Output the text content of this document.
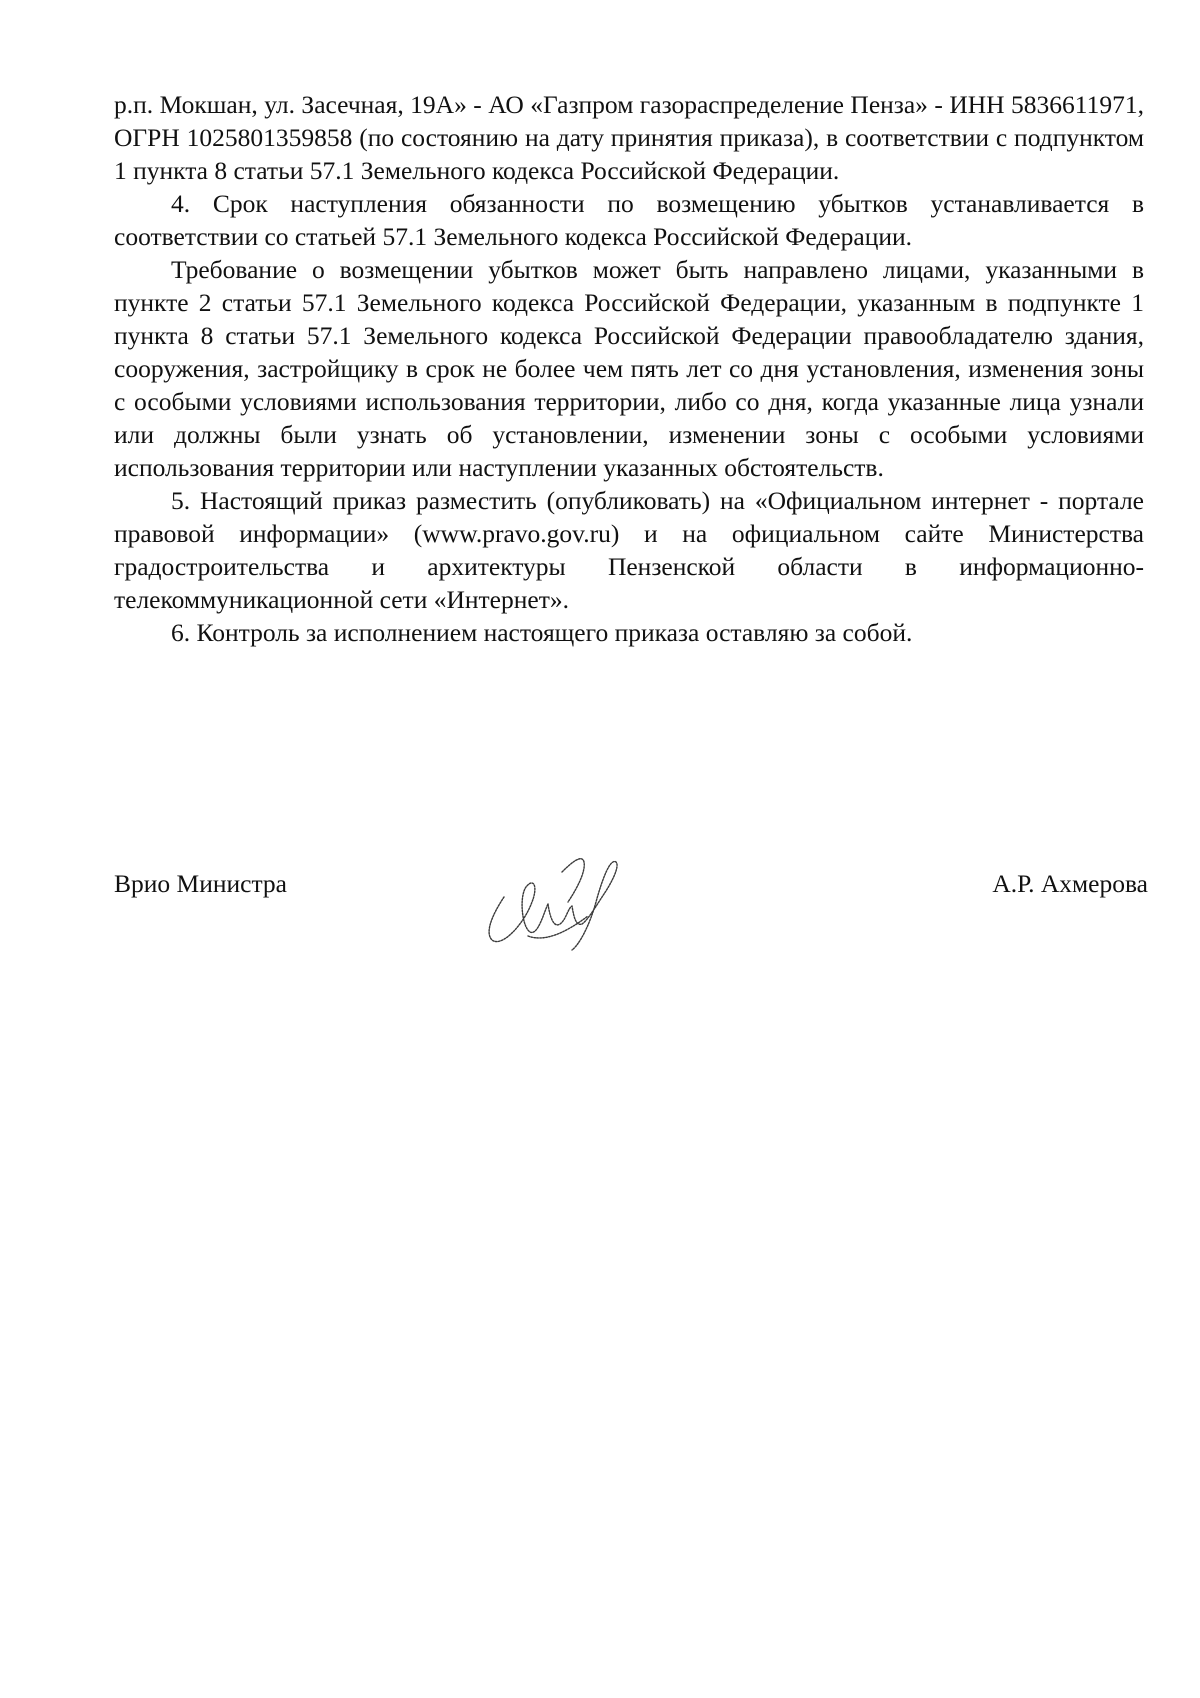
р.п. Мокшан, ул. Засечная, 19А» - АО «Газпром газораспределение Пенза» - ИНН 5836611971, ОГРН 1025801359858 (по состоянию на дату принятия приказа), в соответствии с подпунктом 1 пункта 8 статьи 57.1 Земельного кодекса Российской Федерации.

4. Срок наступления обязанности по возмещению убытков устанавливается в соответствии со статьей 57.1 Земельного кодекса Российской Федерации.

Требование о возмещении убытков может быть направлено лицами, указанными в пункте 2 статьи 57.1 Земельного кодекса Российской Федерации, указанным в подпункте 1 пункта 8 статьи 57.1 Земельного кодекса Российской Федерации правообладателю здания, сооружения, застройщику в срок не более чем пять лет со дня установления, изменения зоны с особыми условиями использования территории, либо со дня, когда указанные лица узнали или должны были узнать об установлении, изменении зоны с особыми условиями использования территории или наступлении указанных обстоятельств.

5. Настоящий приказ разместить (опубликовать) на «Официальном интернет - портале правовой информации» (www.pravo.gov.ru) и на официальном сайте Министерства градостроительства и архитектуры Пензенской области в информационно-телекоммуникационной сети «Интернет».

6. Контроль за исполнением настоящего приказа оставляю за собой.

Врио Министра	А.Р. Ахмерова
